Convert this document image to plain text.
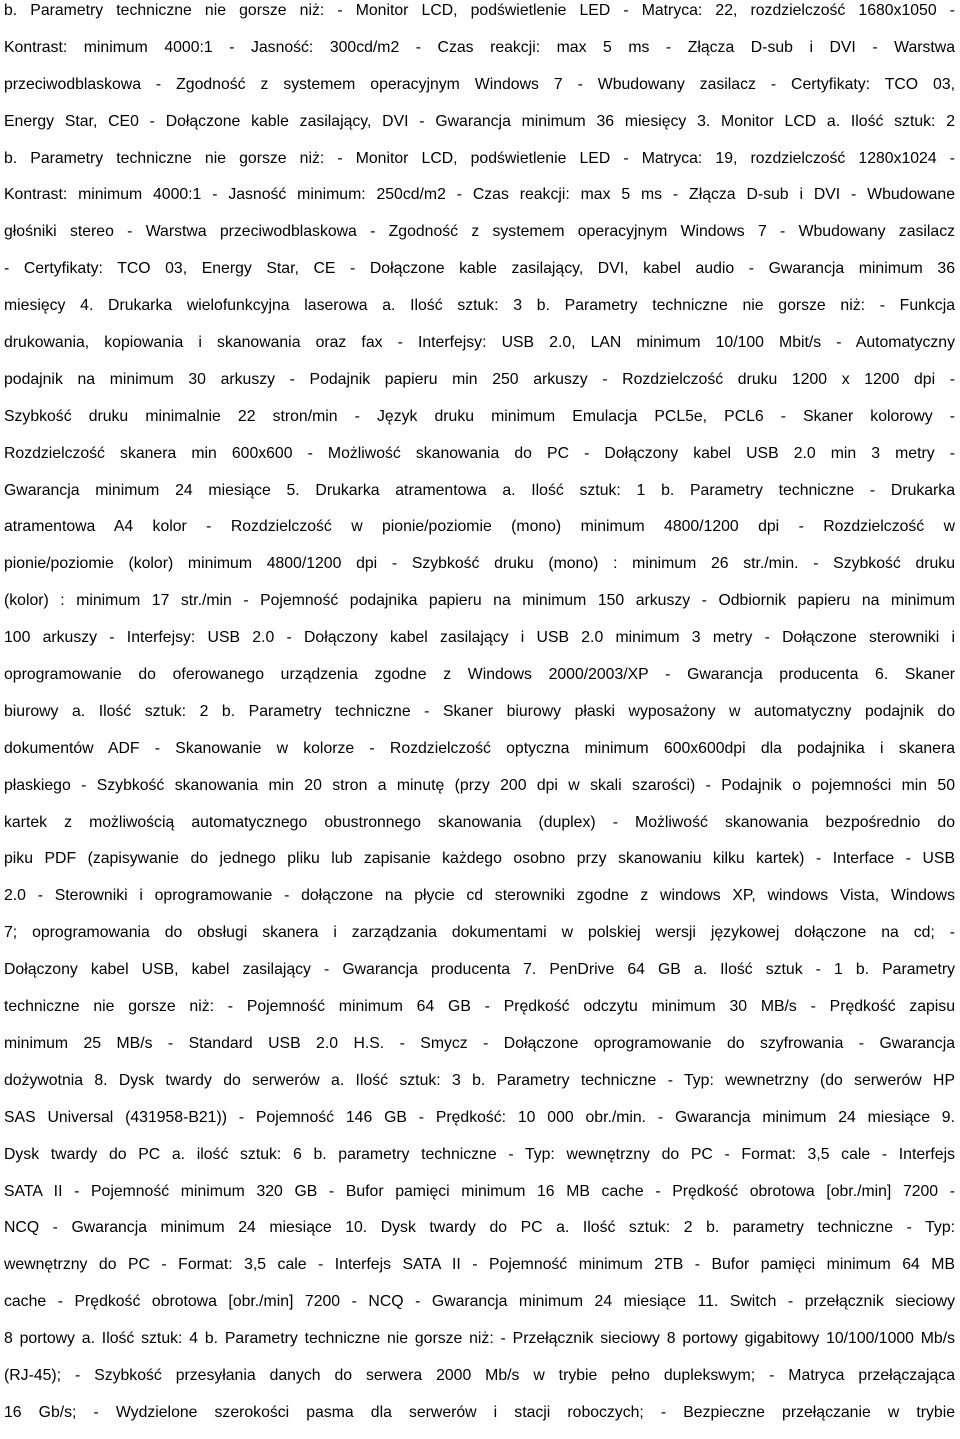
b. Parametry techniczne nie gorsze niż: - Monitor LCD, podświetlenie LED - Matryca: 22, rozdzielczość 1680x1050 -
Kontrast: minimum 4000:1 - Jasność: 300cd/m2 - Czas reakcji: max 5 ms - Złącza D-sub i DVI - Warstwa
przeciwodblaskowa - Zgodność z systemem operacyjnym Windows 7 - Wbudowany zasilacz - Certyfikaty: TCO 03,
Energy Star, CE0 - Dołączone kable zasilający, DVI - Gwarancja minimum 36 miesięcy 3. Monitor LCD a. Ilość sztuk: 2
b. Parametry techniczne nie gorsze niż: - Monitor LCD, podświetlenie LED - Matryca: 19, rozdzielczość 1280x1024 -
Kontrast: minimum 4000:1 - Jasność minimum: 250cd/m2 - Czas reakcji: max 5 ms - Złącza D-sub i DVI - Wbudowane
głośniki stereo - Warstwa przeciwodblaskowa - Zgodność z systemem operacyjnym Windows 7 - Wbudowany zasilacz
- Certyfikaty: TCO 03, Energy Star, CE - Dołączone kable zasilający, DVI, kabel audio - Gwarancja minimum 36
miesięcy 4. Drukarka wielofunkcyjna laserowa a. Ilość sztuk: 3 b. Parametry techniczne nie gorsze niż: - Funkcja
drukowania, kopiowania i skanowania oraz fax - Interfejsy: USB 2.0, LAN minimum 10/100 Mbit/s - Automatyczny
podajnik na minimum 30 arkuszy - Podajnik papieru min 250 arkuszy - Rozdzielczość druku 1200 x 1200 dpi -
Szybkość druku minimalnie 22 stron/min - Język druku minimum Emulacja PCL5e, PCL6 - Skaner kolorowy -
Rozdzielczość skanera min 600x600 - Możliwość skanowania do PC - Dołączony kabel USB 2.0 min 3 metry -
Gwarancja minimum 24 miesiące 5. Drukarka atramentowa a. Ilość sztuk: 1 b. Parametry techniczne - Drukarka
atramentowa A4 kolor - Rozdzielczość w pionie/poziomie (mono) minimum 4800/1200 dpi - Rozdzielczość w
pionie/poziomie (kolor) minimum 4800/1200 dpi - Szybkość druku (mono) : minimum 26 str./min. - Szybkość druku
(kolor) : minimum 17 str./min - Pojemność podajnika papieru na minimum 150 arkuszy - Odbiornik papieru na minimum
100 arkuszy - Interfejsy: USB 2.0 - Dołączony kabel zasilający i USB 2.0 minimum 3 metry - Dołączone sterowniki i
oprogramowanie do oferowanego urządzenia zgodne z Windows 2000/2003/XP - Gwarancja producenta 6. Skaner
biurowy a. Ilość sztuk: 2 b. Parametry techniczne - Skaner biurowy płaski wyposażony w automatyczny podajnik do
dokumentów ADF - Skanowanie w kolorze - Rozdzielczość optyczna minimum 600x600dpi dla podajnika i skanera
płaskiego - Szybkość skanowania min 20 stron a minutę (przy 200 dpi w skali szarości) - Podajnik o pojemności min 50
kartek z możliwością automatycznego obustronnego skanowania (duplex) - Możliwość skanowania bezpośrednio do
piku PDF (zapisywanie do jednego pliku lub zapisanie każdego osobno przy skanowaniu kilku kartek) - Interface - USB
2.0 - Sterowniki i oprogramowanie - dołączone na płycie cd sterowniki zgodne z windows XP, windows Vista, Windows
7; oprogramowania do obsługi skanera i zarządzania dokumentami w polskiej wersji językowej dołączone na cd; -
Dołączony kabel USB, kabel zasilający - Gwarancja producenta 7. PenDrive 64 GB a. Ilość sztuk - 1 b. Parametry
techniczne nie gorsze niż: - Pojemność minimum 64 GB - Prędkość odczytu minimum 30 MB/s - Prędkość zapisu
minimum 25 MB/s - Standard USB 2.0 H.S. - Smycz - Dołączone oprogramowanie do szyfrowania - Gwarancja
dożywotnia 8. Dysk twardy do serwerów a. Ilość sztuk: 3 b. Parametry techniczne - Typ: wewnetrzny (do serwerów HP
SAS Universal (431958-B21)) - Pojemność 146 GB - Prędkość: 10 000 obr./min. - Gwarancja minimum 24 miesiące 9.
Dysk twardy do PC a. ilość sztuk: 6 b. parametry techniczne - Typ: wewnętrzny do PC - Format: 3,5 cale - Interfejs
SATA II - Pojemność minimum 320 GB - Bufor pamięci minimum 16 MB cache - Prędkość obrotowa [obr./min] 7200 -
NCQ - Gwarancja minimum 24 miesiące 10. Dysk twardy do PC a. Ilość sztuk: 2 b. parametry techniczne - Typ:
wewnętrzny do PC - Format: 3,5 cale - Interfejs SATA II - Pojemność minimum 2TB - Bufor pamięci minimum 64 MB
cache - Prędkość obrotowa [obr./min] 7200 - NCQ - Gwarancja minimum 24 miesiące 11. Switch - przełącznik sieciowy
8 portowy a. Ilość sztuk: 4 b. Parametry techniczne nie gorsze niż: - Przełącznik sieciowy 8 portowy gigabitowy 10/100/1000 Mb/s
(RJ-45); - Szybkość przesyłania danych do serwera 2000 Mb/s w trybie pełno duplekswym; - Matryca przełączająca
16 Gb/s; - Wydzielone szerokości pasma dla serwerów i stacji roboczych; - Bezpieczne przełączanie w trybie
